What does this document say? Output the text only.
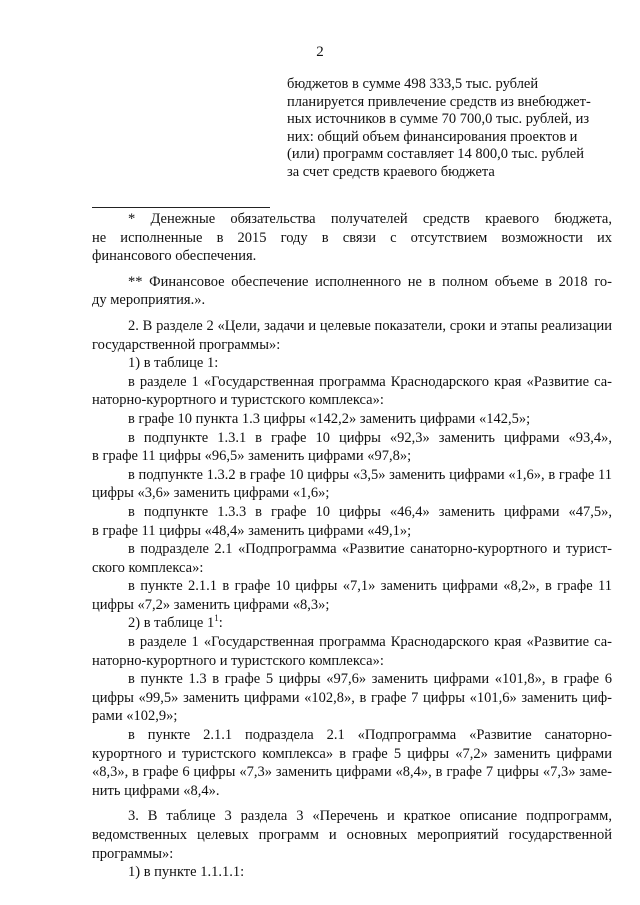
2
бюджетов в сумме 498 333,5 тыс. рублей
планируется привлечение средств из внебюджет-
ных источников в сумме 70 700,0 тыс. рублей, из
них: общий объем финансирования проектов и
(или) программ составляет 14 800,0 тыс. рублей
за счет средств краевого бюджета
* Денежные обязательства получателей средств краевого бюджета,
не исполненные в 2015 году в связи с отсутствием возможности их
финансового обеспечения.
** Финансовое обеспечение исполненного не в полном объеме в 2018 го-
ду мероприятия.».
2. В разделе 2 «Цели, задачи и целевые показатели, сроки и этапы реализации
государственной программы»:
1) в таблице 1:
в разделе 1 «Государственная программа Краснодарского края «Развитие са-
наторно-курортного и туристского комплекса»:
в графе 10 пункта 1.3 цифры «142,2» заменить цифрами «142,5»;
в подпункте 1.3.1 в графе 10 цифры «92,3» заменить цифрами «93,4»,
в графе 11 цифры «96,5» заменить цифрами «97,8»;
в подпункте 1.3.2 в графе 10 цифры «3,5» заменить цифрами «1,6», в графе 11
цифры «3,6» заменить цифрами «1,6»;
в подпункте 1.3.3 в графе 10 цифры «46,4» заменить цифрами «47,5»,
в графе 11 цифры «48,4» заменить цифрами «49,1»;
в подразделе 2.1 «Подпрограмма «Развитие санаторно-курортного и турист-
ского комплекса»:
в пункте 2.1.1 в графе 10 цифры «7,1» заменить цифрами «8,2», в графе 11
цифры «7,2» заменить цифрами «8,3»;
2) в таблице $1^1$:
в разделе 1 «Государственная программа Краснодарского края «Развитие са-
наторно-курортного и туристского комплекса»:
в пункте 1.3 в графе 5 цифры «97,6» заменить цифрами «101,8», в графе 6
цифры «99,5» заменить цифрами «102,8», в графе 7 цифры «101,6» заменить циф-
рами «102,9»;
в пункте 2.1.1 подраздела 2.1 «Подпрограмма «Развитие санаторно-
курортного и туристского комплекса» в графе 5 цифры «7,2» заменить цифрами
«8,3», в графе 6 цифры «7,3» заменить цифрами «8,4», в графе 7 цифры «7,3» заме-
нить цифрами «8,4».
3. В таблице 3 раздела 3 «Перечень и краткое описание подпрограмм,
ведомственных целевых программ и основных мероприятий государственной
программы»:
1) в пункте 1.1.1.1:
